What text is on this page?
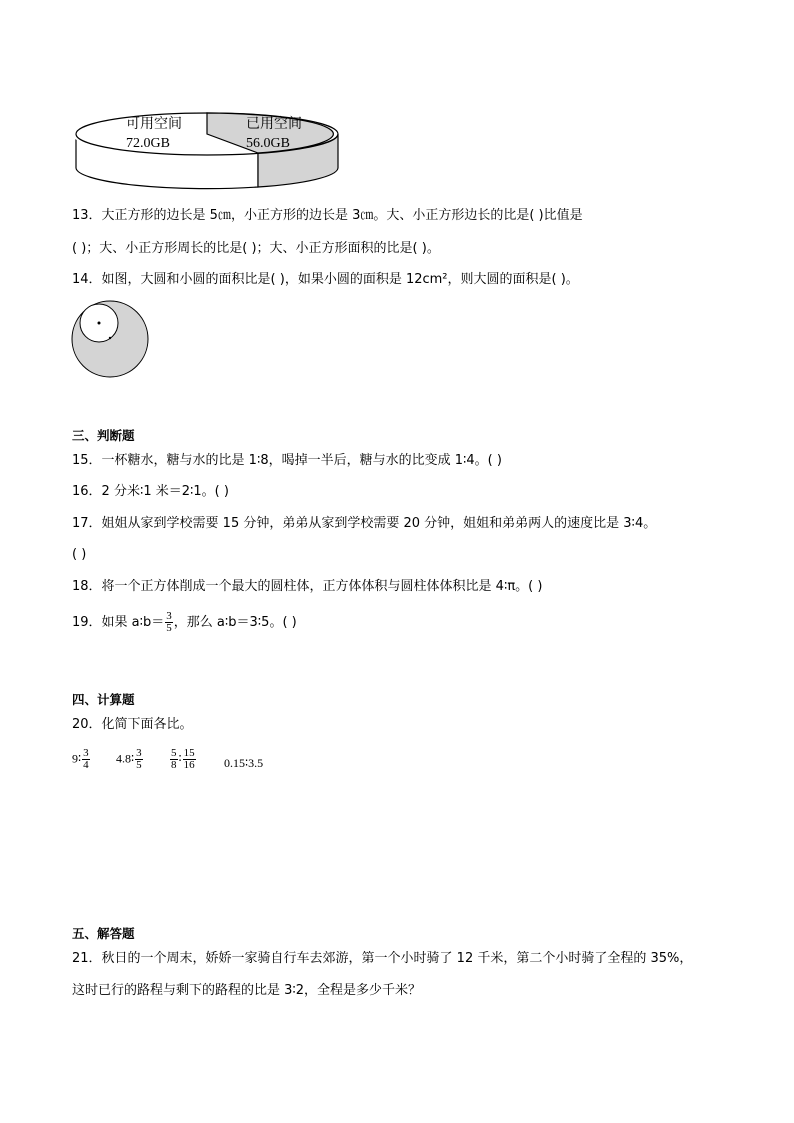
可用空间
72.0GB
已用空间
56.0GB
13．大正方形的边长是 5㎝，小正方形的边长是 3㎝。大、小正方形边长的比是( )比值是
( )；大、小正方形周长的比是( )；大、小正方形面积的比是( )。
14．如图，大圆和小圆的面积比是( )，如果小圆的面积是 12cm²，则大圆的面积是( )。
三、判断题
15．一杯糖水，糖与水的比是 1∶8，喝掉一半后，糖与水的比变成 1∶4。( )
16．2 分米∶1 米＝2∶1。( )
17．姐姐从家到学校需要 15 分钟，弟弟从家到学校需要 20 分钟，姐姐和弟弟两人的速度比是 3∶4。
( )
18．将一个正方体削成一个最大的圆柱体，正方体体积与圆柱体体积比是 4∶π。( )
19．如果 a∶b＝ $\frac{3}{5}$ ，那么 a∶b＝3∶5。( )
四、计算题
20．化简下面各比。
9∶ $\frac{3}{4}$ 4.8∶ $\frac{3}{5} \frac{5}{8}$ ∶ $\frac{15}{16}$ 0.15∶3.5
五、解答题
21．秋日的一个周末，娇娇一家骑自行车去郊游，第一个小时骑了 12 千米，第二个小时骑了全程的 35%，
这时已行的路程与剩下的路程的比是 3∶2，全程是多少千米？
